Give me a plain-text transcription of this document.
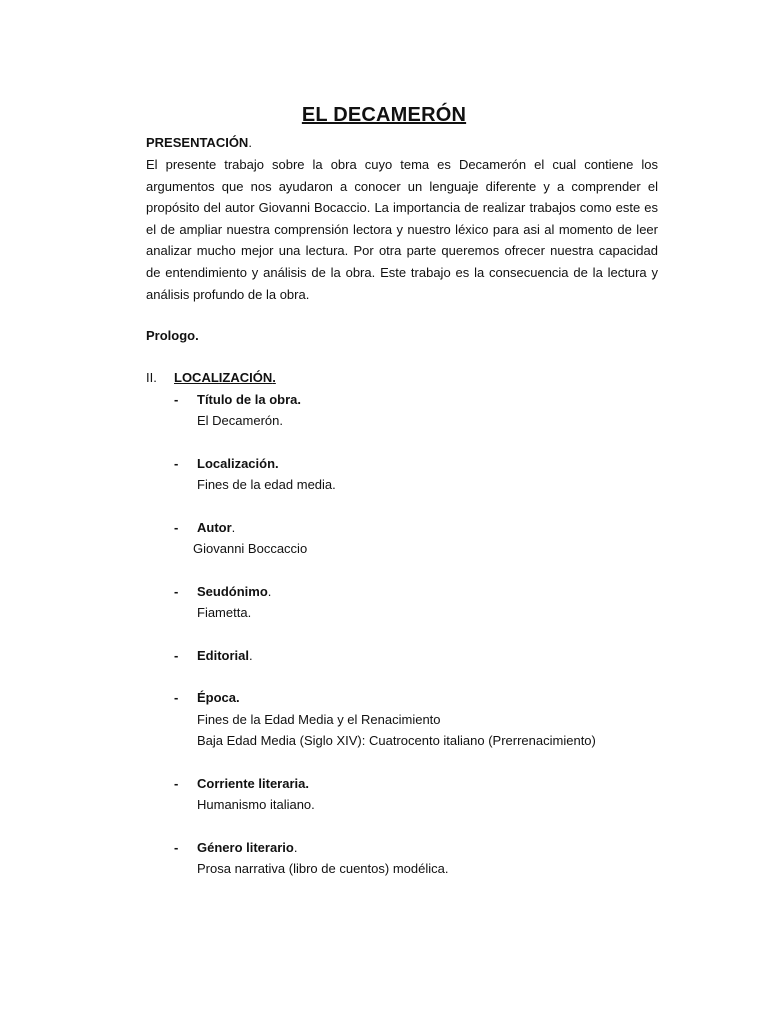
EL DECAMERÓN
PRESENTACIÓN.
El presente trabajo sobre la obra cuyo tema es Decamerón el cual contiene los argumentos que nos ayudaron a conocer un lenguaje diferente y a comprender el propósito del autor Giovanni Bocaccio. La importancia de realizar trabajos como este es el de ampliar nuestra comprensión lectora y nuestro léxico para asi al momento de leer analizar mucho mejor una lectura. Por otra parte queremos ofrecer nuestra capacidad de entendimiento y análisis de la obra. Este trabajo es la consecuencia de la lectura y análisis profundo de la obra.
Prologo.
II. LOCALIZACIÓN.
- Título de la obra.
El Decamerón.
- Localización.
Fines de la edad media.
- Autor.
Giovanni Boccaccio
- Seudónimo.
Fiametta.
- Editorial.
- Época.
Fines de la Edad Media y el Renacimiento
Baja Edad Media (Siglo XIV): Cuatrocento italiano (Prerrenacimiento)
- Corriente literaria.
Humanismo italiano.
- Género literario.
Prosa narrativa (libro de cuentos) modélica.
